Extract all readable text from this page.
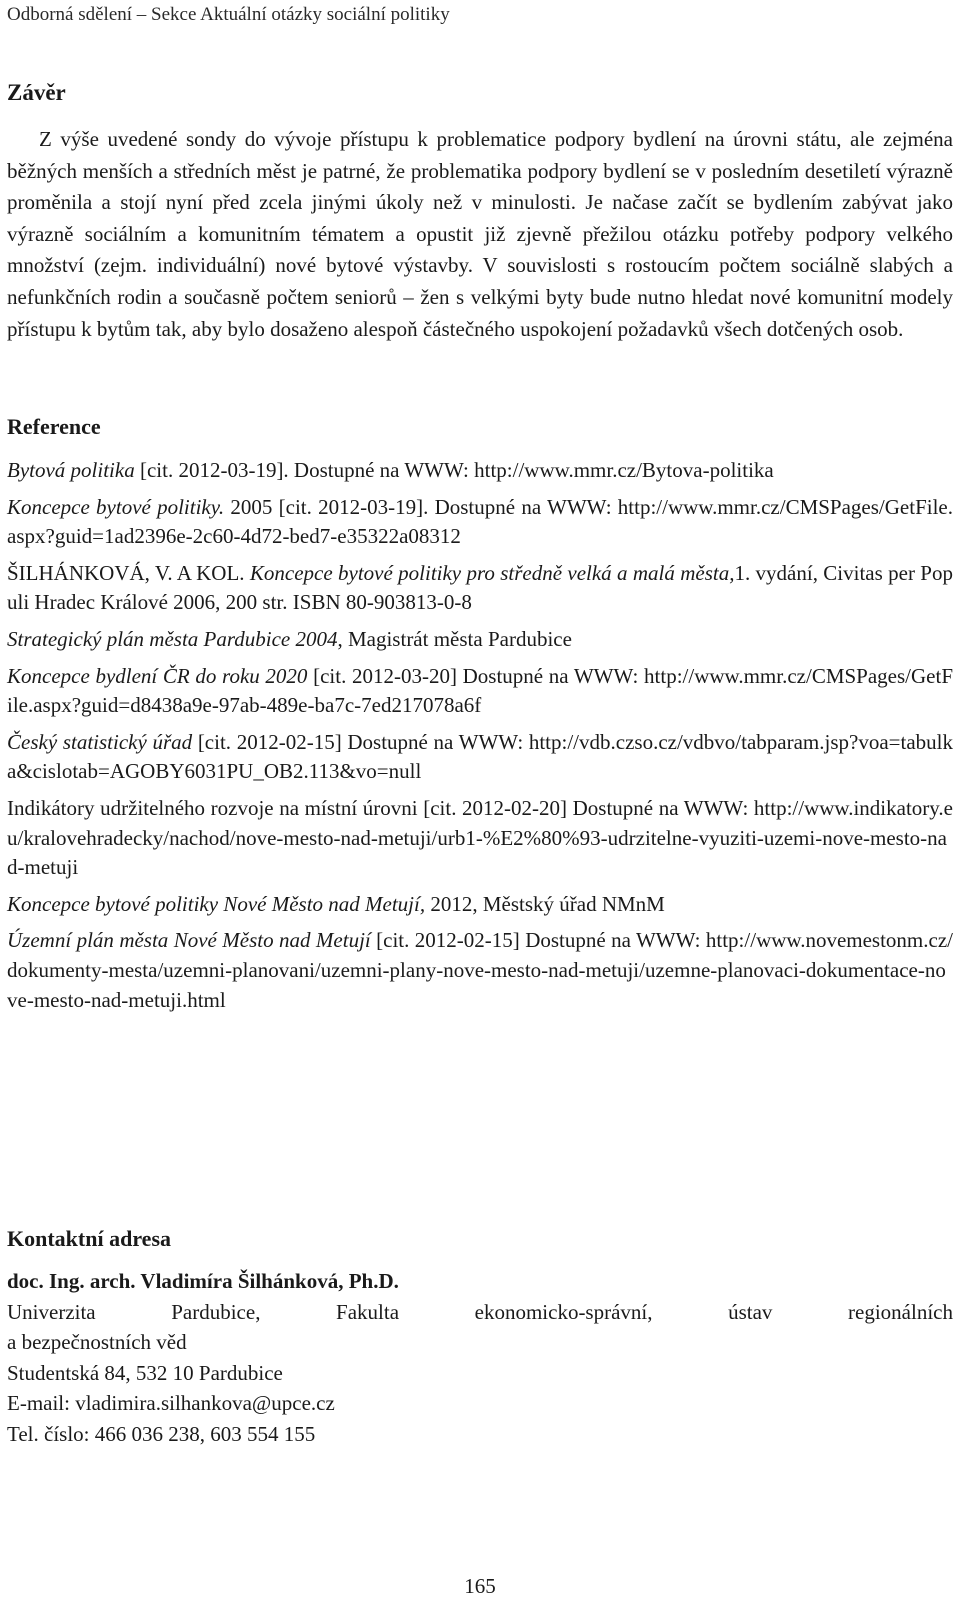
Odborná sdělení – Sekce Aktuální otázky sociální politiky
Závěr
Z výše uvedené sondy do vývoje přístupu k problematice podpory bydlení na úrovni státu, ale zejména běžných menších a středních měst je patrné, že problematika podpory bydlení se v posledním desetiletí výrazně proměnila a stojí nyní před zcela jinými úkoly než v minulosti. Je načase začít se bydlením zabývat jako výrazně sociálním a komunitním tématem a opustit již zjevně přežilou otázku potřeby podpory velkého množství (zejm. individuální) nové bytové výstavby. V souvislosti s rostoucím počtem sociálně slabých a nefunkčních rodin a současně počtem seniorů – žen s velkými byty bude nutno hledat nové komunitní modely přístupu k bytům tak, aby bylo dosaženo alespoň částečného uspokojení požadavků všech dotčených osob.
Reference
Bytová politika [cit. 2012-03-19]. Dostupné na WWW: http://www.mmr.cz/Bytova-politika
Koncepce bytové politiky. 2005 [cit. 2012-03-19]. Dostupné na WWW: http://www.mmr.cz/CMSPages/GetFile.aspx?guid=1ad2396e-2c60-4d72-bed7-e35322a08312
ŠILHÁNKOVÁ, V. A KOL. Koncepce bytové politiky pro středně velká a malá města,1. vydání, Civitas per Populi Hradec Králové 2006, 200 str. ISBN 80-903813-0-8
Strategický plán města Pardubice 2004, Magistrát města Pardubice
Koncepce bydlení ČR do roku 2020 [cit. 2012-03-20] Dostupné na WWW: http://www.mmr.cz/CMSPages/GetFile.aspx?guid=d8438a9e-97ab-489e-ba7c-7ed217078a6f
Český statistický úřad [cit. 2012-02-15] Dostupné na WWW: http://vdb.czso.cz/vdbvo/tabparam.jsp?voa=tabulka&cislotab=AGOBY6031PU_OB2.113&vo=null
Indikátory udržitelného rozvoje na místní úrovni [cit. 2012-02-20] Dostupné na WWW: http://www.indikatory.eu/kralovehradecky/nachod/nove-mesto-nad-metuji/urb1-%E2%80%93-udrzitelne-vyuziti-uzemi-nove-mesto-nad-metuji
Koncepce bytové politiky Nové Město nad Metují, 2012, Městský úřad NMnM
Územní plán města Nové Město nad Metují [cit. 2012-02-15] Dostupné na WWW: http://www.novemestonm.cz/dokumenty-mesta/uzemni-planovani/uzemni-plany-nove-mesto-nad-metuji/uzemne-planovaci-dokumentace-nove-mesto-nad-metuji.html
Kontaktní adresa
doc. Ing. arch. Vladimíra Šilhánková, Ph.D.
Univerzita Pardubice, Fakulta ekonomicko-správní, ústav regionálních
a bezpečnostních věd
Studentská 84, 532 10 Pardubice
E-mail: vladimira.silhankova@upce.cz
Tel. číslo: 466 036 238, 603 554 155
165
